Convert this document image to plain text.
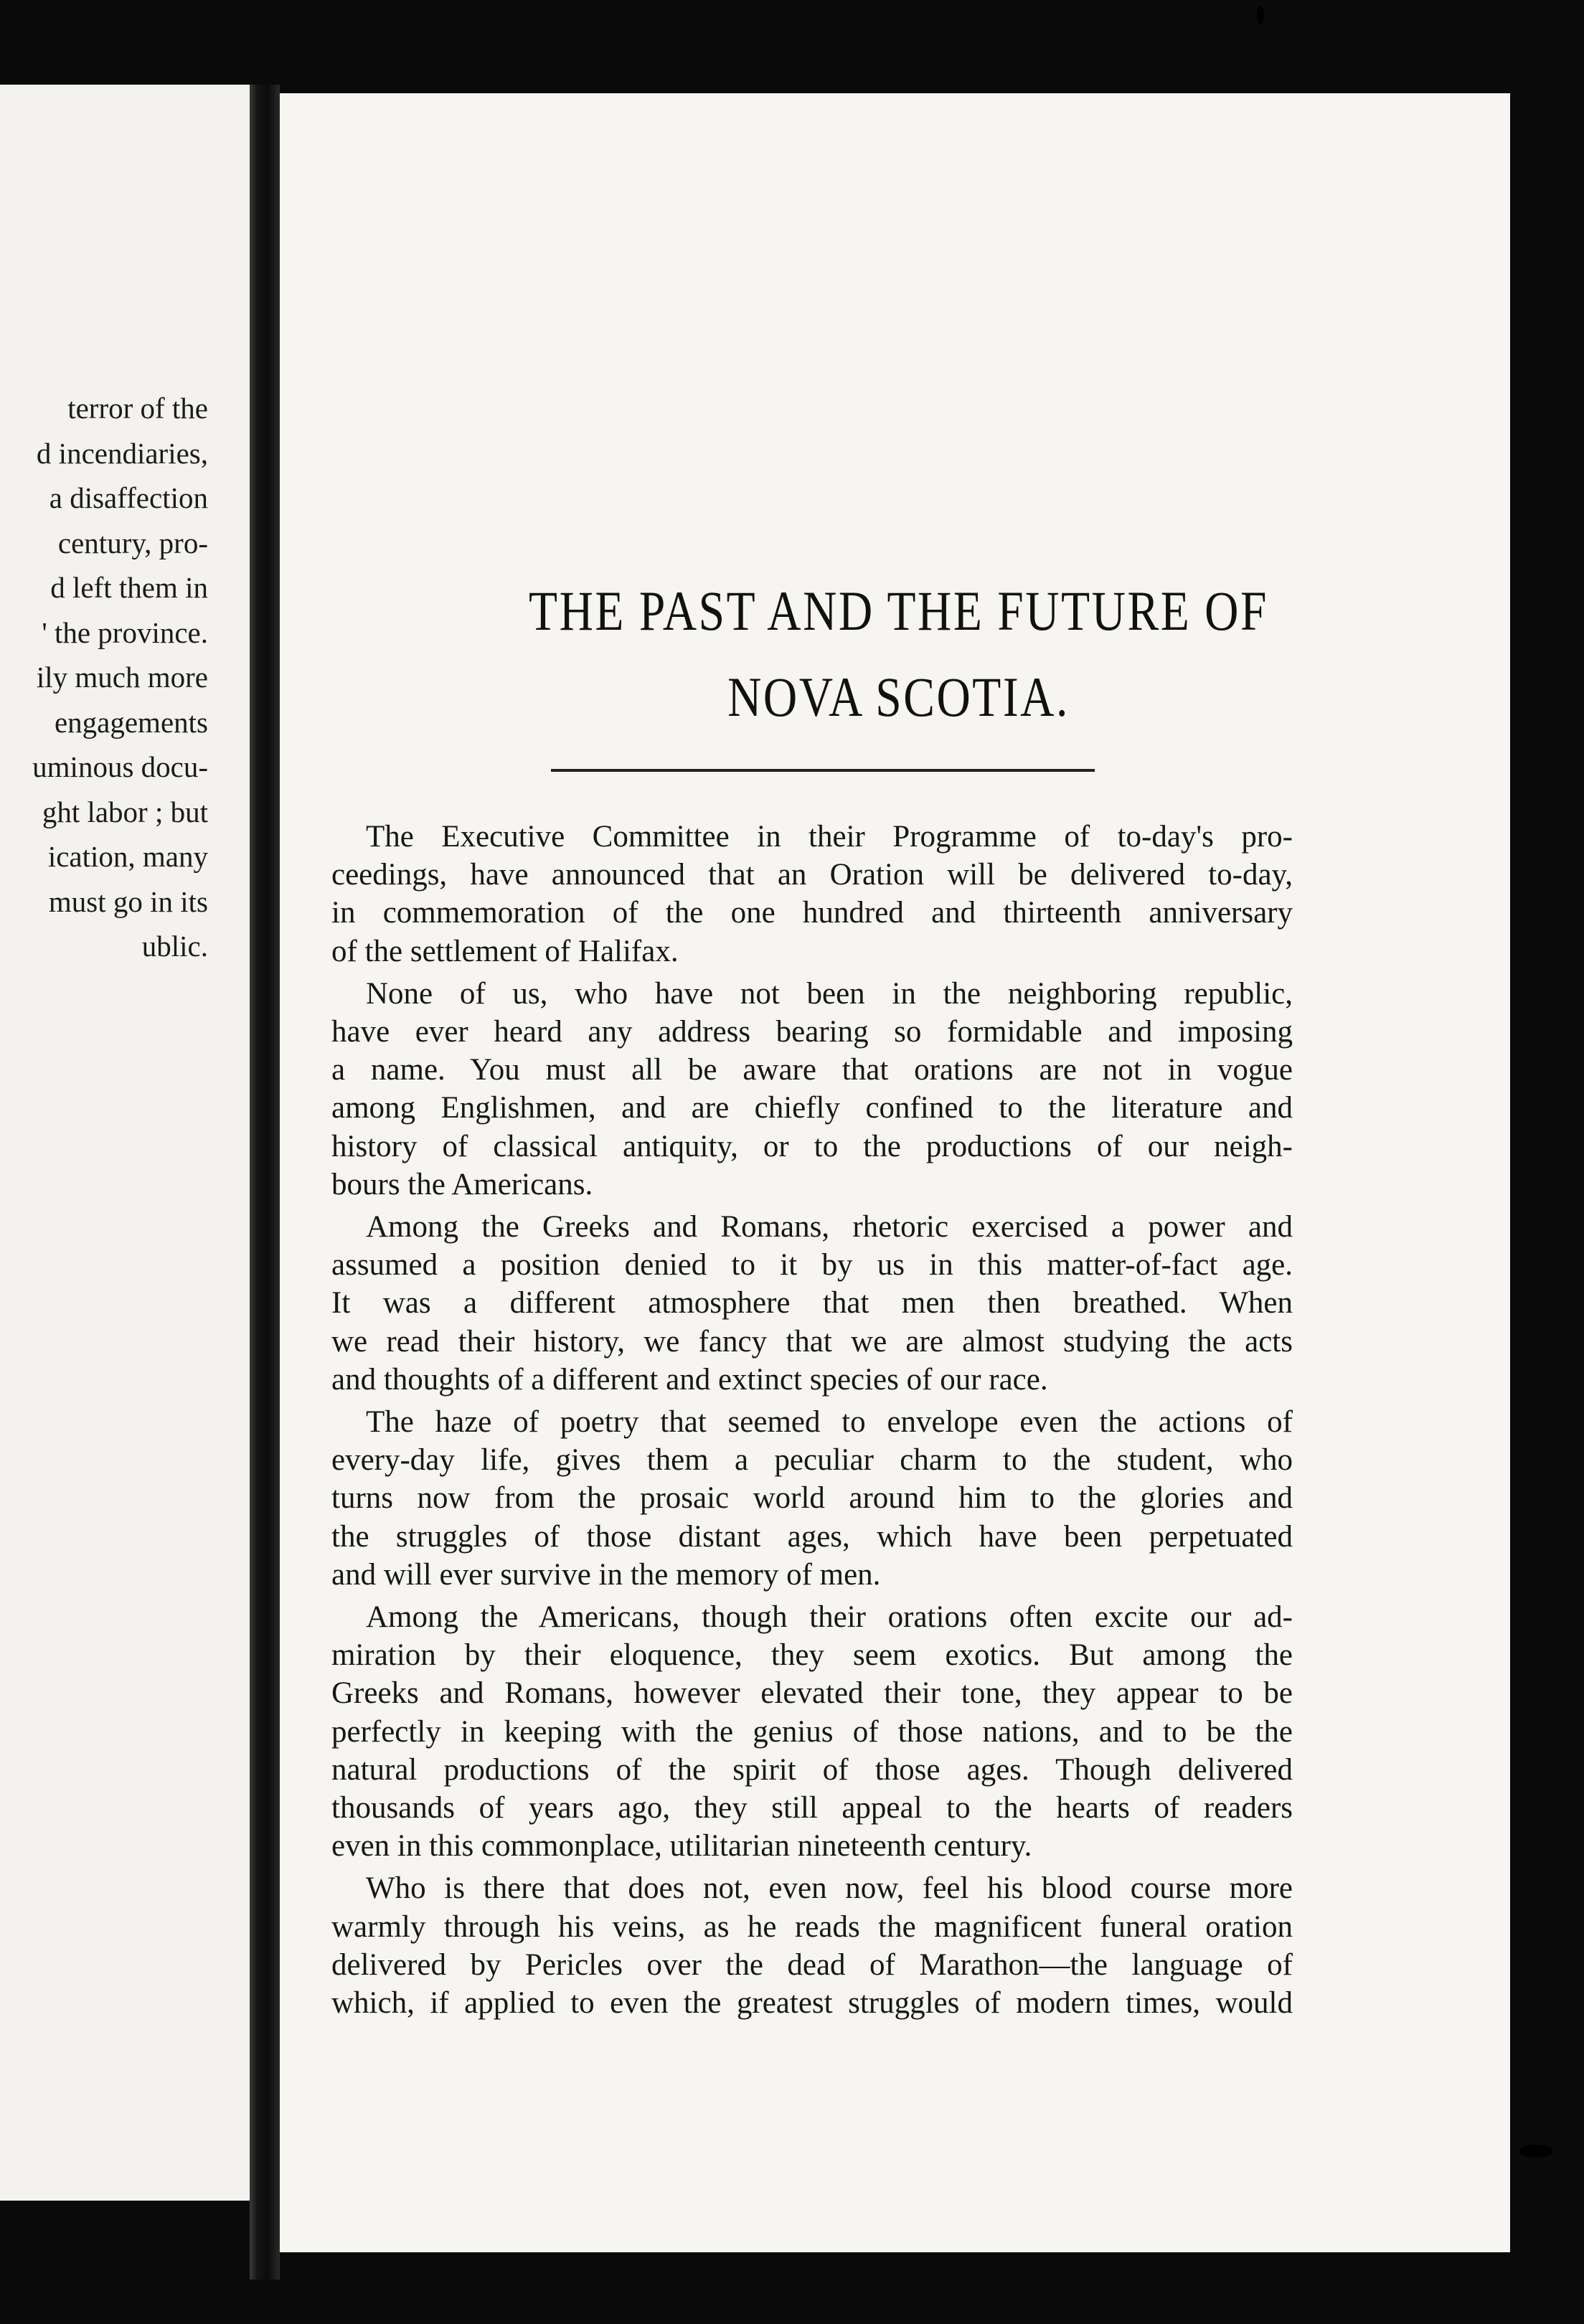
terror of the
d incendiaries,
a disaffection
century, pro-
d left them in
' the province.
ily much more
engagements
uminous docu-
ght labor ; but
ication, many
must go in its
ublic.
THE PAST AND THE FUTURE OF
NOVA SCOTIA.

The Executive Committee in their Programme of to-day's pro-
ceedings, have announced that an Oration will be delivered to-day,
in commemoration of the one hundred and thirteenth anniversary
of the settlement of Halifax.

None of us, who have not been in the neighboring republic,
have ever heard any address bearing so formidable and imposing
a name. You must all be aware that orations are not in vogue
among Englishmen, and are chiefly confined to the literature and
history of classical antiquity, or to the productions of our neigh-
bours the Americans.

Among the Greeks and Romans, rhetoric exercised a power and
assumed a position denied to it by us in this matter-of-fact age.
It was a different atmosphere that men then breathed. When
we read their history, we fancy that we are almost studying the acts
and thoughts of a different and extinct species of our race.

The haze of poetry that seemed to envelope even the actions of
every-day life, gives them a peculiar charm to the student, who
turns now from the prosaic world around him to the glories and
the struggles of those distant ages, which have been perpetuated
and will ever survive in the memory of men.

Among the Americans, though their orations often excite our ad-
miration by their eloquence, they seem exotics. But among the
Greeks and Romans, however elevated their tone, they appear to be
perfectly in keeping with the genius of those nations, and to be the
natural productions of the spirit of those ages. Though delivered
thousands of years ago, they still appeal to the hearts of readers
even in this commonplace, utilitarian nineteenth century.

Who is there that does not, even now, feel his blood course more
warmly through his veins, as he reads the magnificent funeral oration
delivered by Pericles over the dead of Marathon—the language of
which, if applied to even the greatest struggles of modern times, would
